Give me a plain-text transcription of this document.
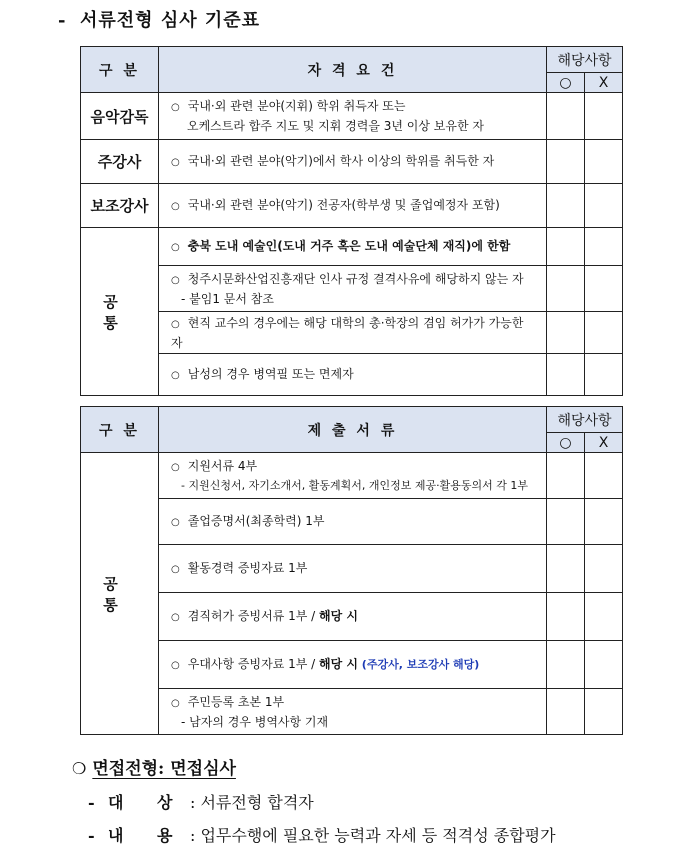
- 서류전형 심사 기준표
구 분	자 격 요 건	해당사항	
		○	X
음악감독	○ 국내·외 관련 분야(지휘) 학위 취득자 또는
오케스트라 합주 지도 및 지휘 경력을 3년 이상 보유한 자

주강사	○ 국내·외 관련 분야(악기)에서 학사 이상의 학위를 취득한 자

보조강사	○ 국내·외 관련 분야(악기) 전공자(학부생 및 졸업예정자 포함)

공 통	○ 충북 도내 예술인(도내 거주 혹은 도내 예술단체 재직)에 한함

	○ 청주시문화산업진흥재단 인사 규정 결격사유에 해당하지 않는 자
- 붙임1 문서 참조

	○ 현직 교수의 경우에는 해당 대학의 총·학장의 겸임 허가가 가능한 자

	○ 남성의 경우 병역필 또는 면제자

구 분	제 출 서 류	해당사항	
		○	X
공 통	○ 지원서류 4부
- 지원신청서, 자기소개서, 활동계획서, 개인정보 제공·활용동의서 각 1부

	○ 졸업증명서(최종학력) 1부

	○ 활동경력 증빙자료 1부

	○ 겸직허가 증빙서류 1부 / 해당 시

	○ 우대사항 증빙자료 1부 / 해당 시 (주강사, 보조강사 해당)

	○ 주민등록 초본 1부
- 남자의 경우 병역사항 기재

❍ 면접전형: 면접심사
- 대 상 : 서류전형 합격자
- 내 용 : 업무수행에 필요한 능력과 자세 등 적격성 종합평가
